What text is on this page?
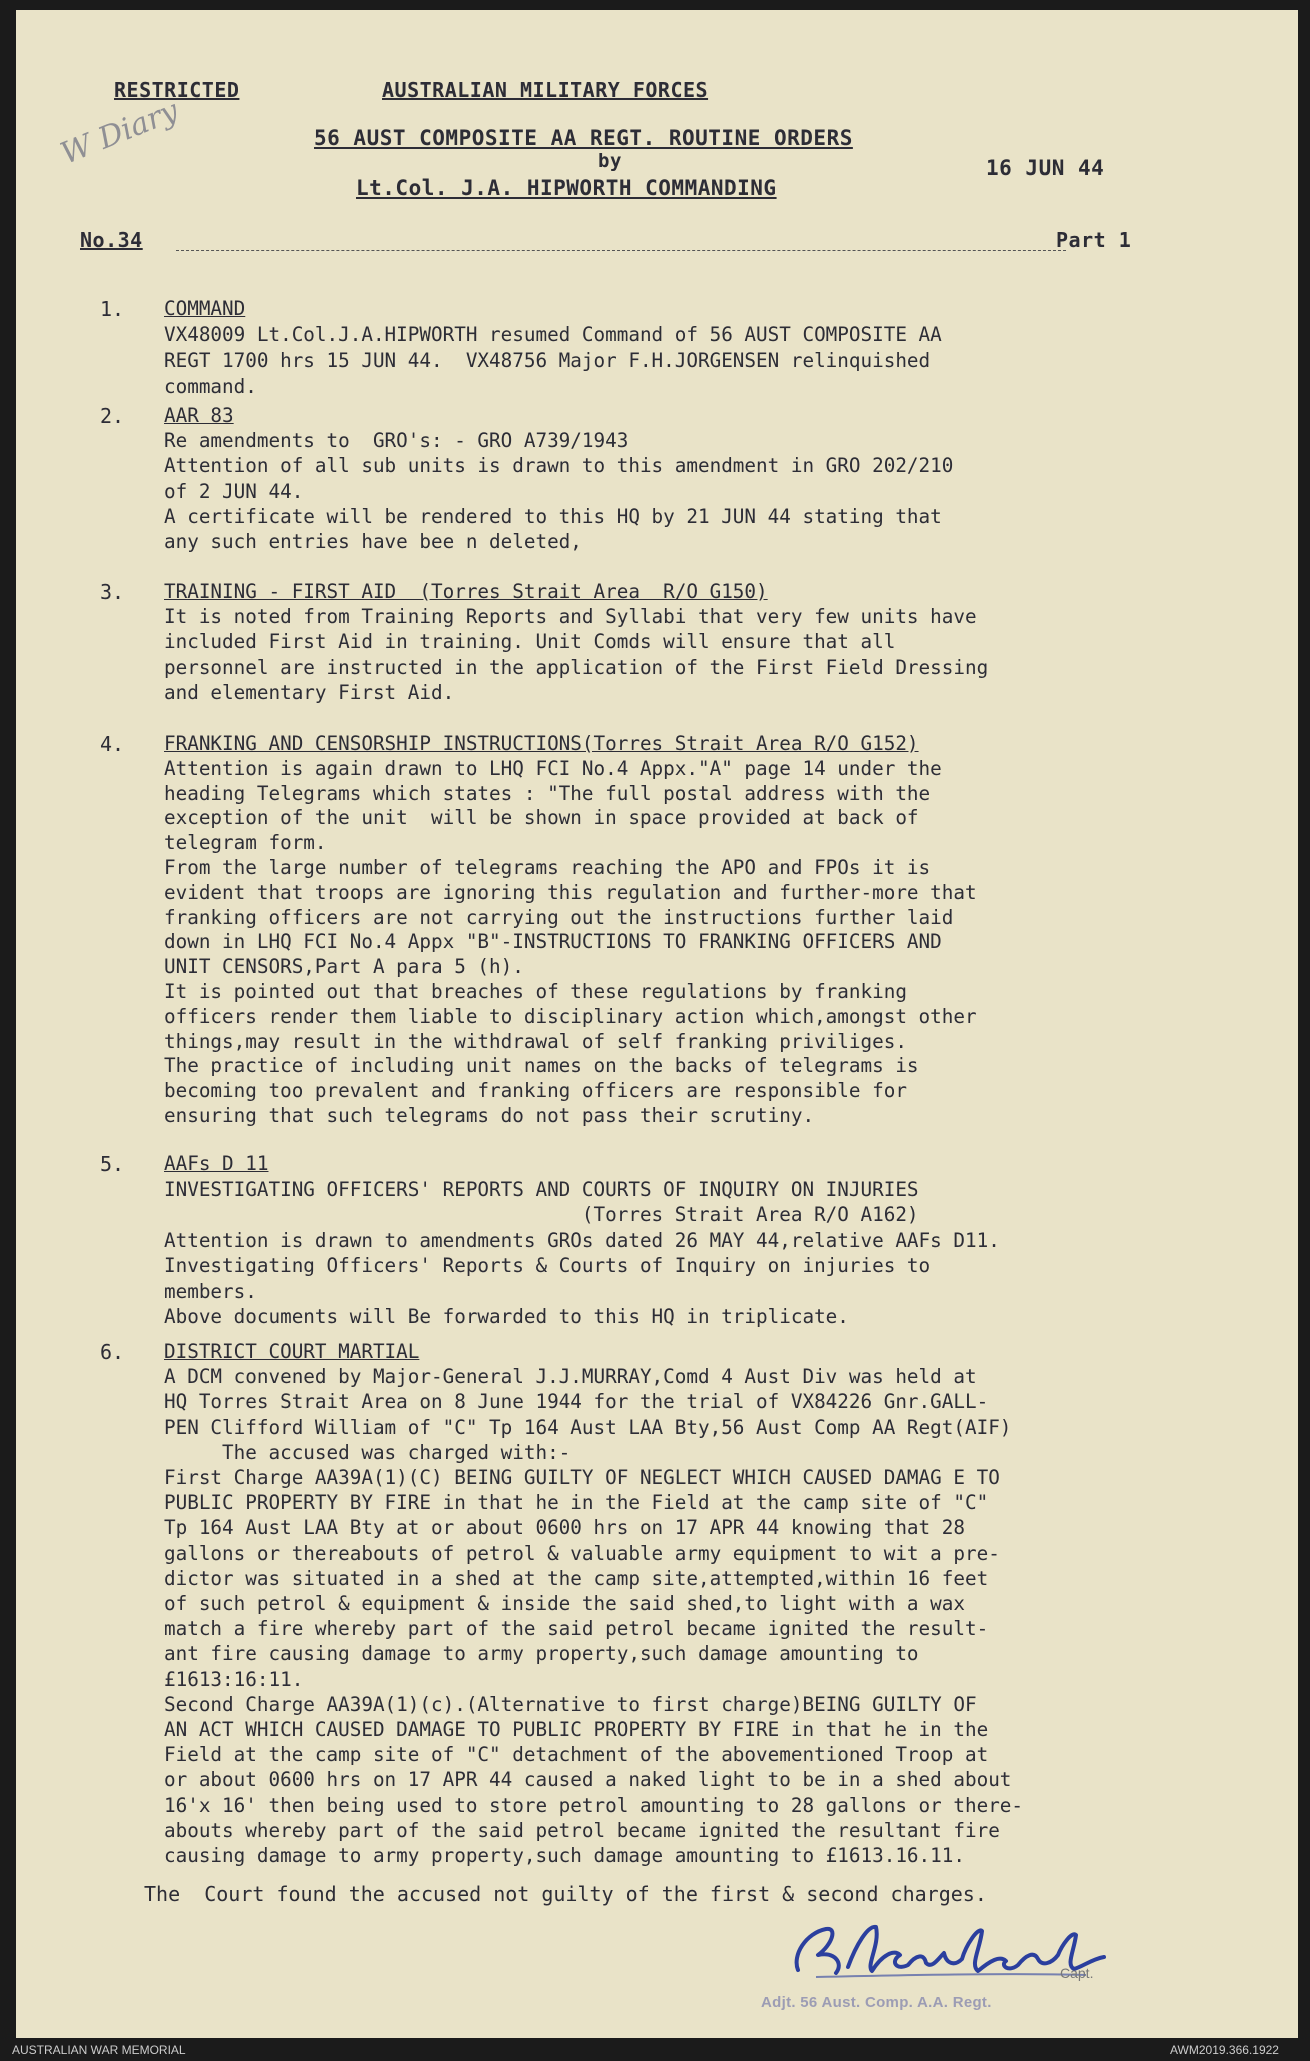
W Diary
RESTRICTED	AUSTRALIAN MILITARY FORCES
56 AUST COMPOSITE AA REGT. ROUTINE ORDERS
by
Lt.Col. J.A. HIPWORTH COMMANDING
16 JUN 44
No.34	Part 1
1. COMMAND
VX48009 Lt.Col.J.A.HIPWORTH resumed Command of 56 AUST COMPOSITE AA
REGT 1700 hrs 15 JUN 44.  VX48756 Major F.H.JORGENSEN relinquished
command.
2. AAR 83
Re amendments to  GRO's: - GRO A739/1943
Attention of all sub units is drawn to this amendment in GRO 202/210
of 2 JUN 44.
A certificate will be rendered to this HQ by 21 JUN 44 stating that
any such entries have bee n deleted,
3. TRAINING - FIRST AID  (Torres Strait Area  R/O G150)
It is noted from Training Reports and Syllabi that very few units have
included First Aid in training. Unit Comds will ensure that all
personnel are instructed in the application of the First Field Dressing
and elementary First Aid.
4. FRANKING AND CENSORSHIP INSTRUCTIONS(Torres Strait Area R/O G152)
Attention is again drawn to LHQ FCI No.4 Appx."A" page 14 under the
heading Telegrams which states : "The full postal address with the
exception of the unit  will be shown in space provided at back of
telegram form.
From the large number of telegrams reaching the APO and FPOs it is
evident that troops are ignoring this regulation and further-more that
franking officers are not carrying out the instructions further laid
down in LHQ FCI No.4 Appx "B"-INSTRUCTIONS TO FRANKING OFFICERS AND
UNIT CENSORS,Part A para 5 (h).
It is pointed out that breaches of these regulations by franking
officers render them liable to disciplinary action which,amongst other
things,may result in the withdrawal of self franking priviliges.
The practice of including unit names on the backs of telegrams is
becoming too prevalent and franking officers are responsible for
ensuring that such telegrams do not pass their scrutiny.
5. AAFs D 11
INVESTIGATING OFFICERS' REPORTS AND COURTS OF INQUIRY ON INJURIES
(Torres Strait Area R/O A162)
Attention is drawn to amendments GROs dated 26 MAY 44,relative AAFs D11.
Investigating Officers' Reports & Courts of Inquiry on injuries to
members.
Above documents will Be forwarded to this HQ in triplicate.
6. DISTRICT COURT MARTIAL
A DCM convened by Major-General J.J.MURRAY,Comd 4 Aust Div was held at
HQ Torres Strait Area on 8 June 1944 for the trial of VX84226 Gnr.GALL-
PEN Clifford William of "C" Tp 164 Aust LAA Bty,56 Aust Comp AA Regt(AIF)
The accused was charged with:-
First Charge AA39A(1)(C) BEING GUILTY OF NEGLECT WHICH CAUSED DAMAG E TO
PUBLIC PROPERTY BY FIRE in that he in the Field at the camp site of "C"
Tp 164 Aust LAA Bty at or about 0600 hrs on 17 APR 44 knowing that 28
gallons or thereabouts of petrol & valuable army equipment to wit a pre-
dictor was situated in a shed at the camp site,attempted,within 16 feet
of such petrol & equipment & inside the said shed,to light with a wax
match a fire whereby part of the said petrol became ignited the result-
ant fire causing damage to army property,such damage amounting to
£1613:16:11.
Second Charge AA39A(1)(c).(Alternative to first charge)BEING GUILTY OF
AN ACT WHICH CAUSED DAMAGE TO PUBLIC PROPERTY BY FIRE in that he in the
Field at the camp site of "C" detachment of the abovementioned Troop at
or about 0600 hrs on 17 APR 44 caused a naked light to be in a shed about
16'x 16' then being used to store petrol amounting to 28 gallons or there-
abouts whereby part of the said petrol became ignited the resultant fire
causing damage to army property,such damage amounting to £1613.16.11.
The  Court found the accused not guilty of the first & second charges.
Capt.
Adjt. 56 Aust. Comp. A.A. Regt.
AUSTRALIAN WAR MEMORIAL	AWM2019.366.1922
